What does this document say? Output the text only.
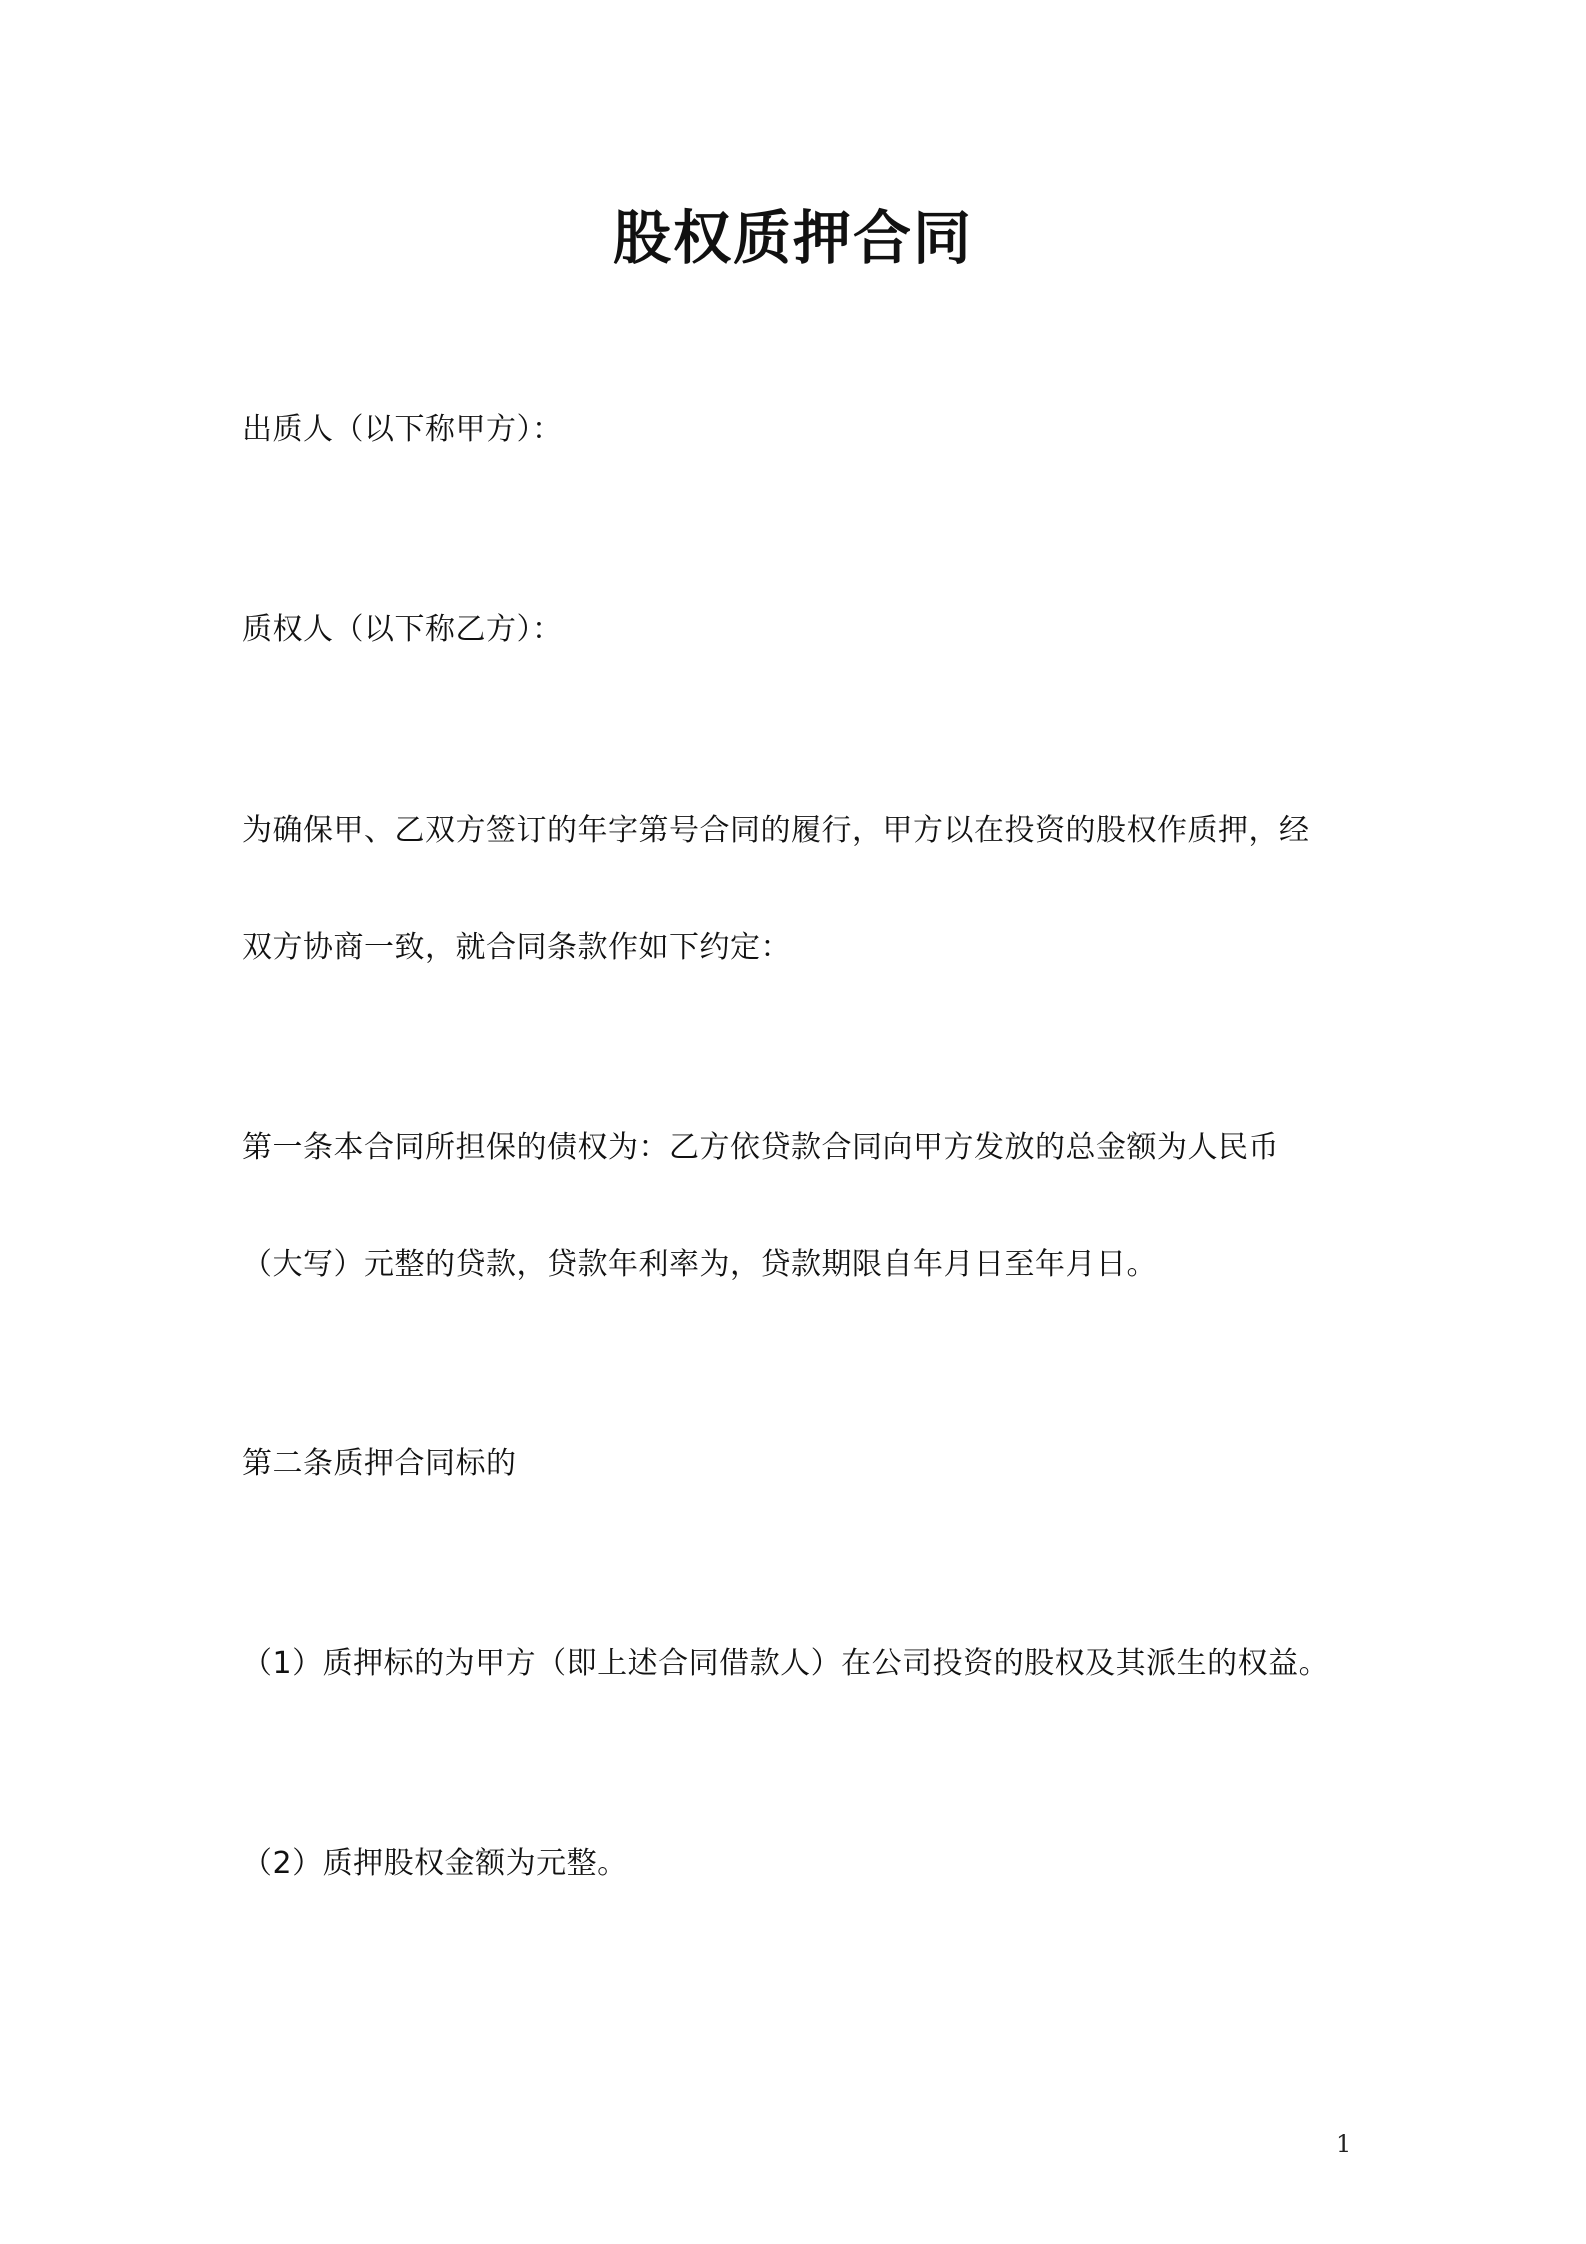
股权质押合同
出质人（以下称甲方）：
质权人（以下称乙方）：
为确保甲、乙双方签订的年字第号合同的履行，甲方以在投资的股权作质押，经
双方协商一致，就合同条款作如下约定：
第一条本合同所担保的债权为：乙方依贷款合同向甲方发放的总金额为人民币
（大写）元整的贷款，贷款年利率为，贷款期限自年月日至年月日。
第二条质押合同标的
（1）质押标的为甲方（即上述合同借款人）在公司投资的股权及其派生的权益。
（2）质押股权金额为元整。
1
